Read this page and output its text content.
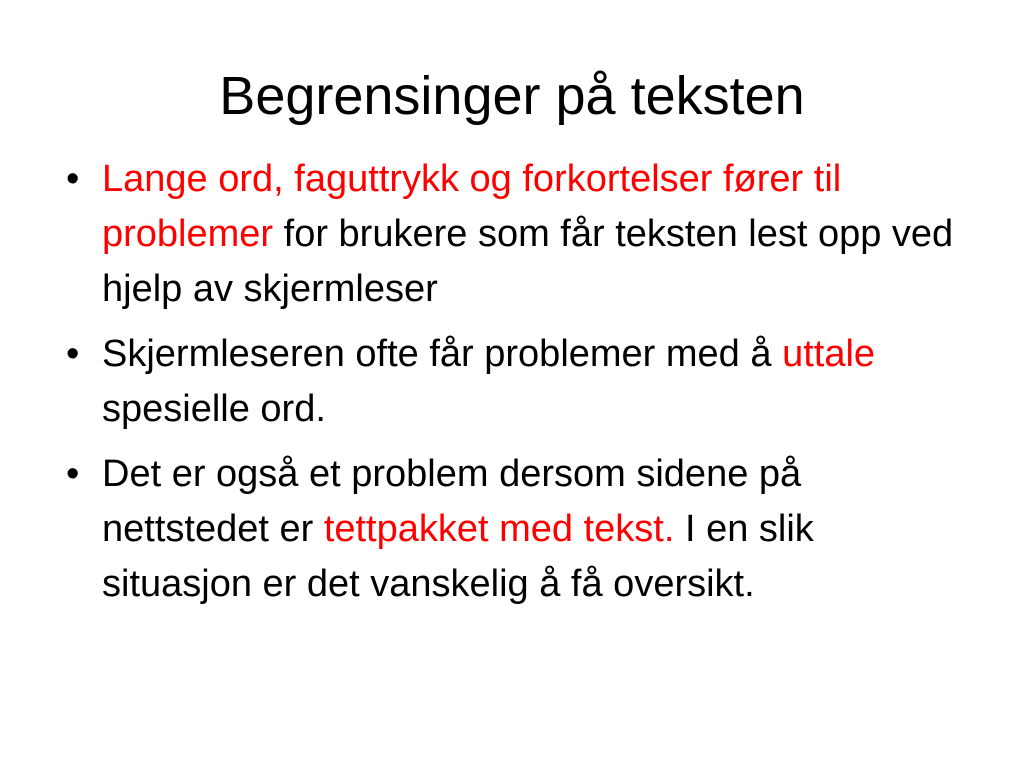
Begrensinger på teksten
• Lange ord, faguttrykk og forkortelser fører til problemer for brukere som får teksten lest opp ved hjelp av skjermleser
• Skjermleseren ofte får problemer med å uttale spesielle ord.
• Det er også et problem dersom sidene på nettstedet er tettpakket med tekst. I en slik situasjon er det vanskelig å få oversikt.
